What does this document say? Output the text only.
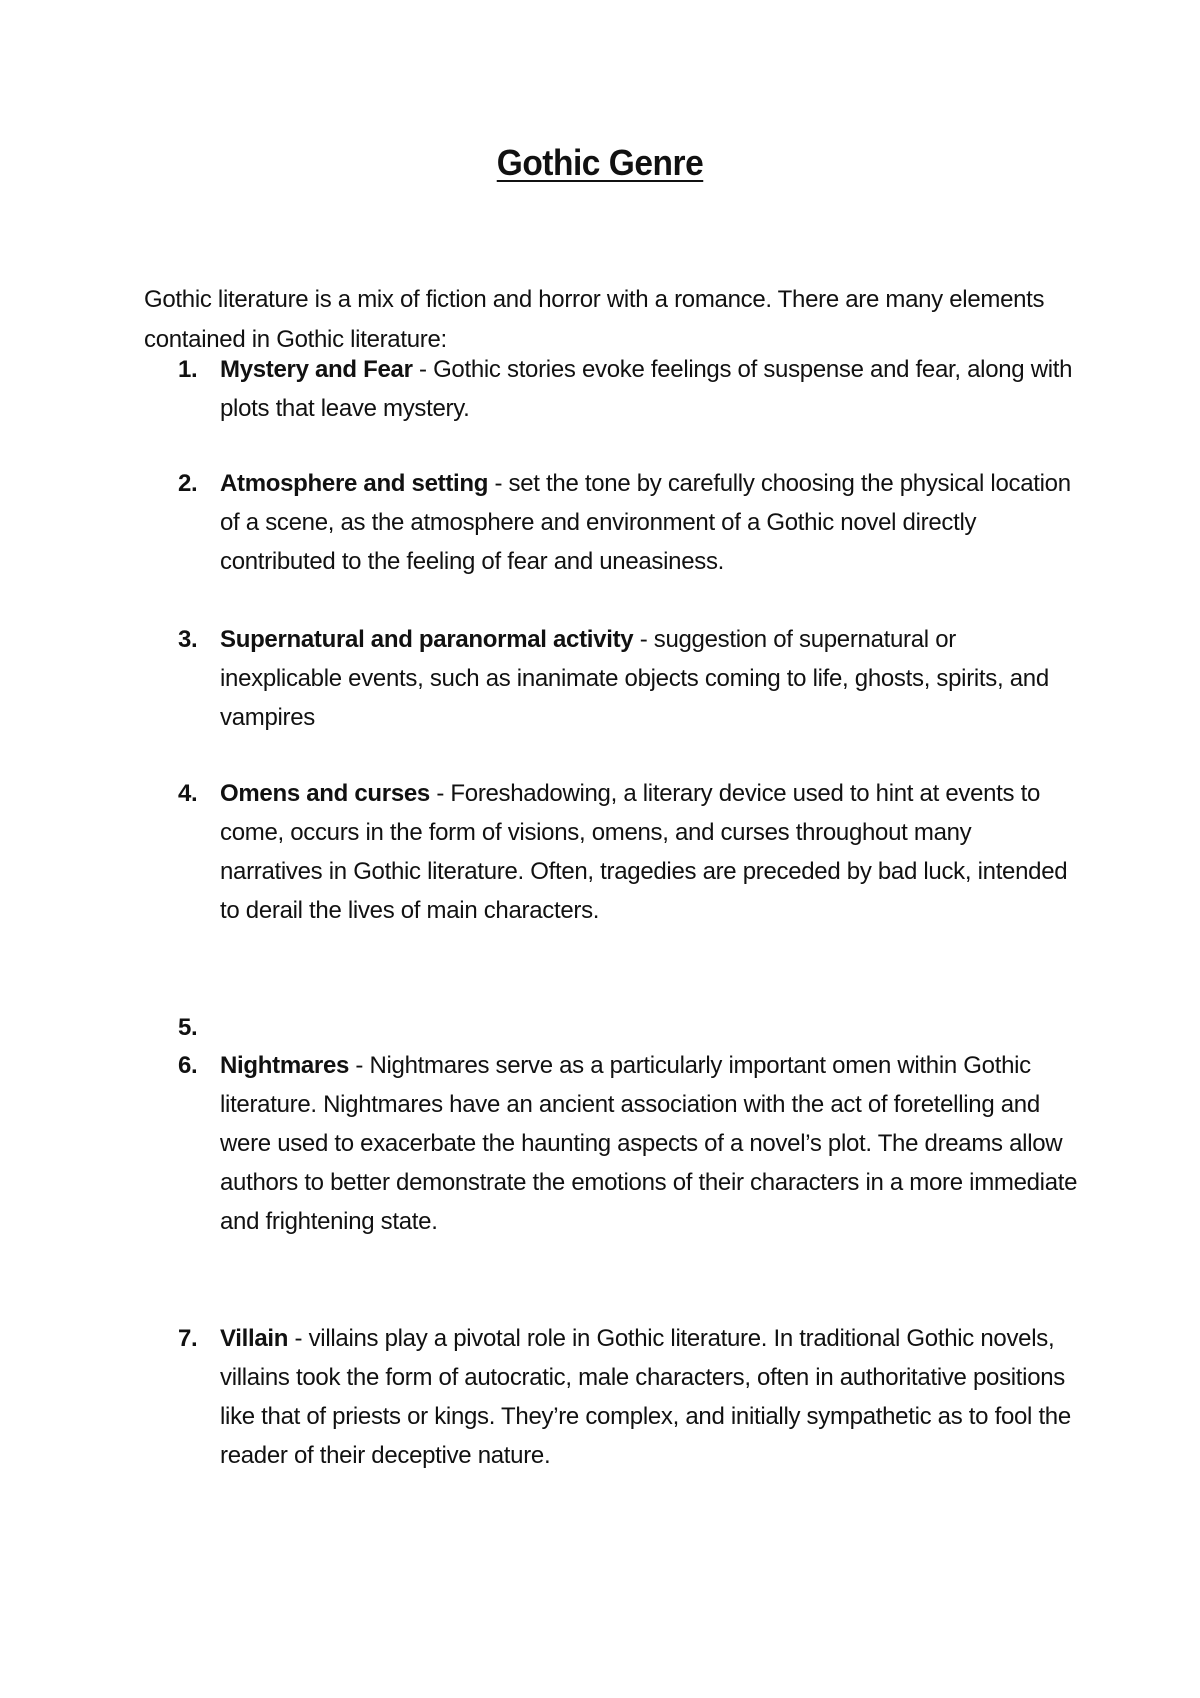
Gothic Genre
Gothic literature is a mix of fiction and horror with a romance. There are many elements contained in Gothic literature:
1. Mystery and Fear - Gothic stories evoke feelings of suspense and fear, along with plots that leave mystery.
2. Atmosphere and setting - set the tone by carefully choosing the physical location of a scene, as the atmosphere and environment of a Gothic novel directly contributed to the feeling of fear and uneasiness.
3. Supernatural and paranormal activity - suggestion of supernatural or inexplicable events, such as inanimate objects coming to life, ghosts, spirits, and vampires
4. Omens and curses - Foreshadowing, a literary device used to hint at events to come, occurs in the form of visions, omens, and curses throughout many narratives in Gothic literature. Often, tragedies are preceded by bad luck, intended to derail the lives of main characters.
5.
6. Nightmares - Nightmares serve as a particularly important omen within Gothic literature. Nightmares have an ancient association with the act of foretelling and were used to exacerbate the haunting aspects of a novel’s plot. The dreams allow authors to better demonstrate the emotions of their characters in a more immediate and frightening state.
7. Villain - villains play a pivotal role in Gothic literature. In traditional Gothic novels, villains took the form of autocratic, male characters, often in authoritative positions like that of priests or kings. They’re complex, and initially sympathetic as to fool the reader of their deceptive nature.
